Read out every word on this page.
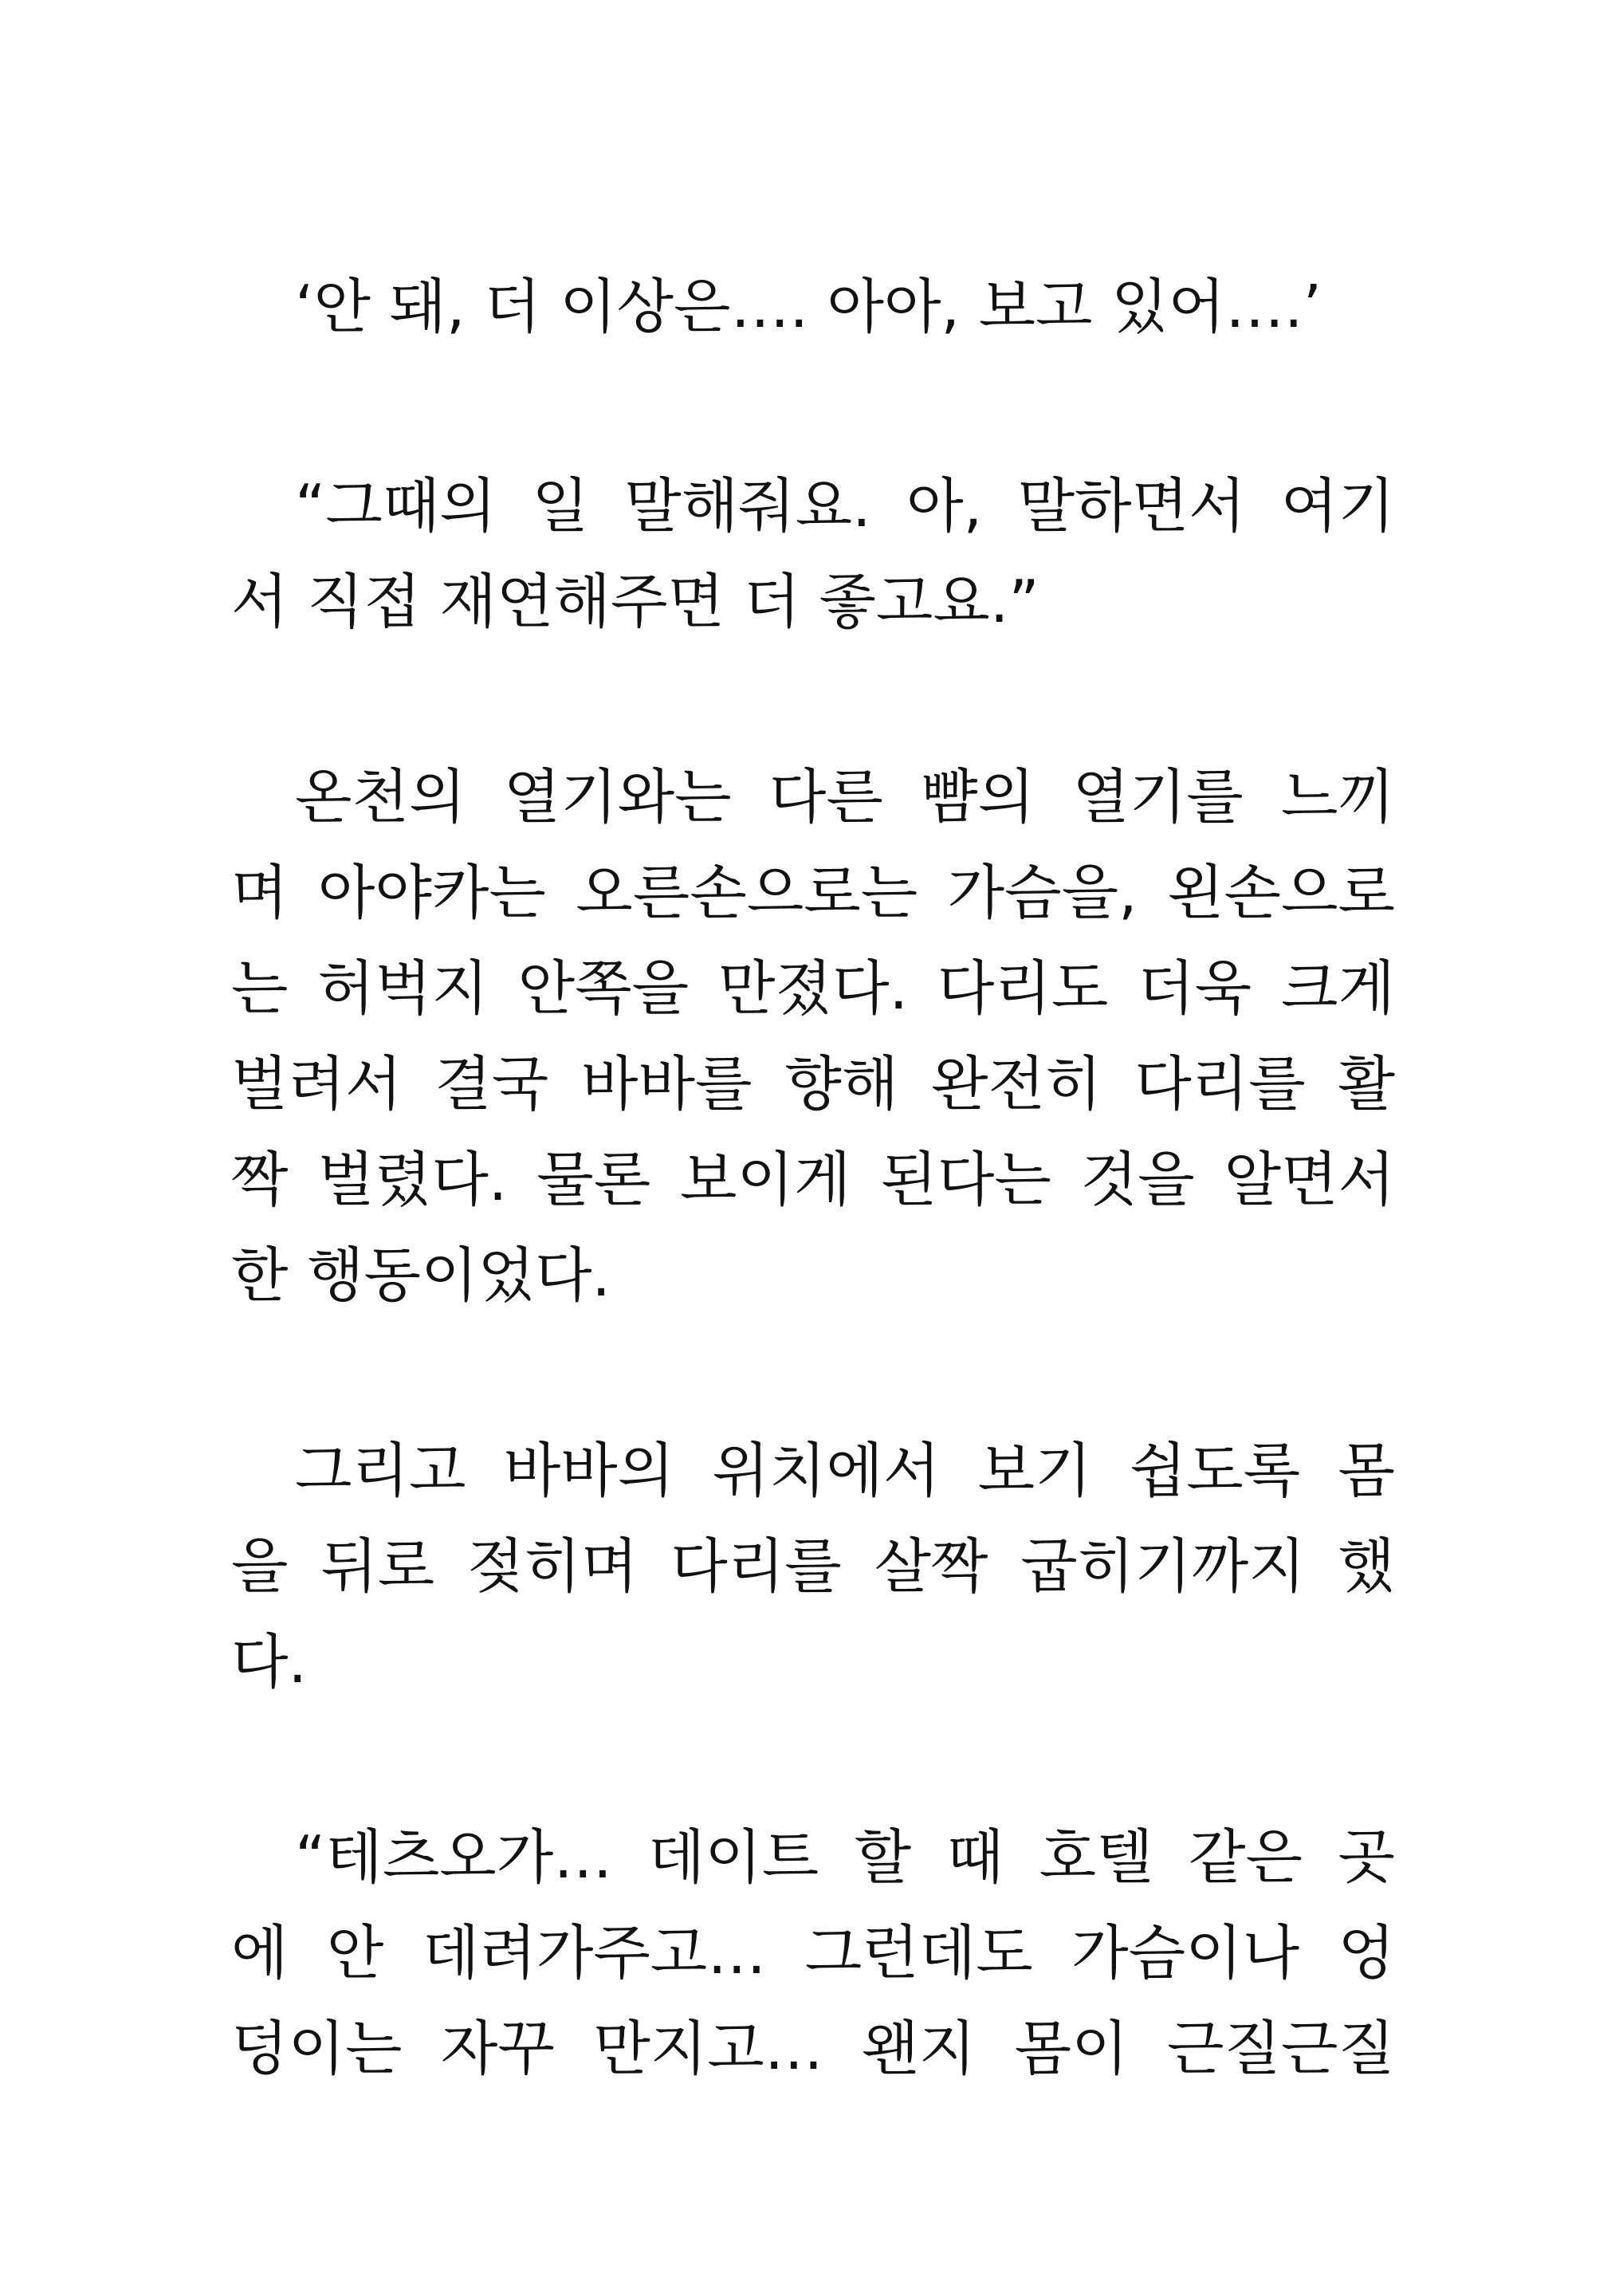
‘안 돼, 더 이상은…. 아아, 보고 있어….’
“그때의 일 말해줘요. 아, 말하면서 여기
서 직접 재연해주면 더 좋고요.”
온천의 열기와는 다른 뺨의 열기를 느끼
며 아야카는 오른손으로는 가슴을, 왼손으로
는 허벅지 안쪽을 만졌다. 다리도 더욱 크게
벌려서 결국 바바를 향해 완전히 다리를 활
짝 벌렸다. 물론 보이게 된다는 것을 알면서
한 행동이었다.
그리고 바바의 위치에서 보기 쉽도록 몸
을 뒤로 젖히며 다리를 살짝 굽히기까지 했
다.
“테츠오가… 데이트 할 때 호텔 같은 곳
에 안 데려가주고… 그런데도 가슴이나 엉
덩이는 자꾸 만지고… 왠지 몸이 근질근질
